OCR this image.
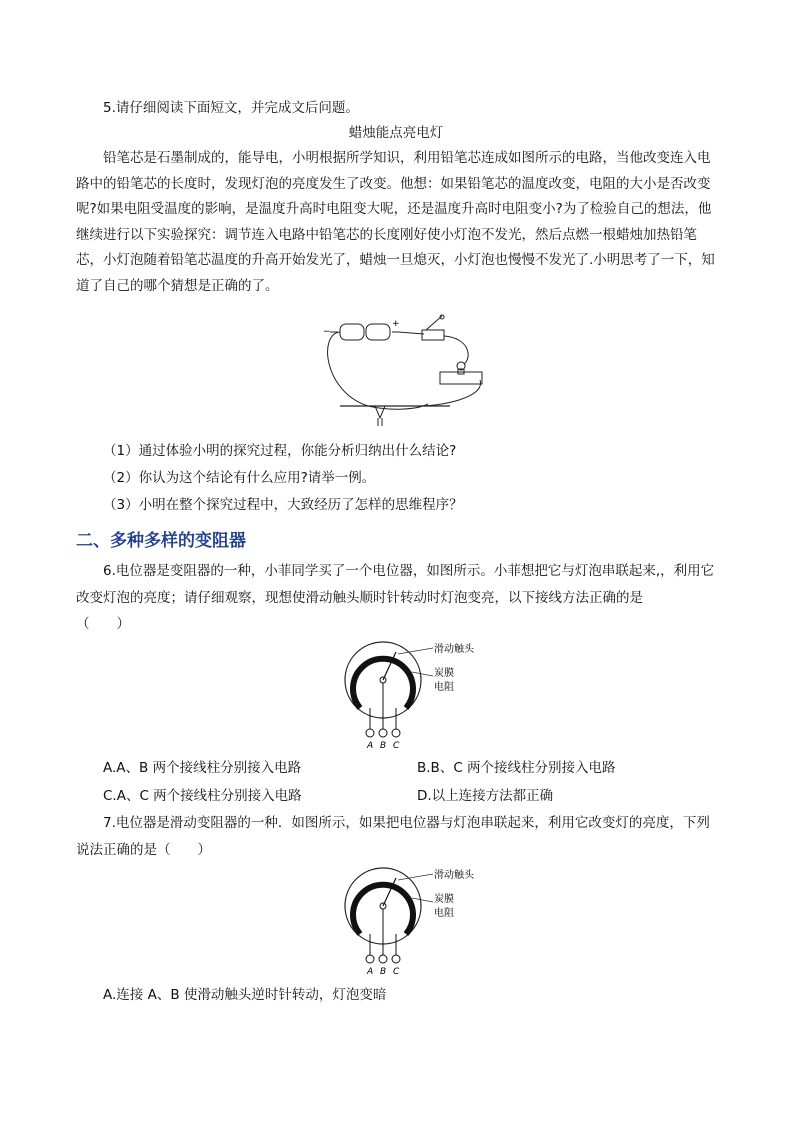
5.请仔细阅读下面短文，并完成文后问题。

蜡烛能点亮电灯

铅笔芯是石墨制成的，能导电，小明根据所学知识，利用铅笔芯连成如图所示的电路，当他改变连入电路中的铅笔芯的长度时，发现灯泡的亮度发生了改变。他想：如果铅笔芯的温度改变，电阻的大小是否改变呢?如果电阻受温度的影响，是温度升高时电阻变大呢，还是温度升高时电阻变小?为了检验自己的想法，他继续进行以下实验探究：调节连入电路中铅笔芯的长度刚好使小灯泡不发光，然后点燃一根蜡烛加热铅笔芯，小灯泡随着铅笔芯温度的升高开始发光了，蜡烛一旦熄灭，小灯泡也慢慢不发光了.小明思考了一下，知道了自己的哪个猜想是正确的了。

−
+
（1）通过体验小明的探究过程，你能分析归纳出什么结论?
（2）你认为这个结论有什么应用?请举一例。
（3）小明在整个探究过程中，大致经历了怎样的思维程序？
二、多种多样的变阻器

6.电位器是变阻器的一种，小菲同学买了一个电位器，如图所示。小菲想把它与灯泡串联起来,，利用它改变灯泡的亮度；请仔细观察，现想使滑动触头顺时针转动时灯泡变亮，以下接线方法正确的是

（　　）
滑动触头
炭膜
电阻
A B C
A.A、B 两个接线柱分别接入电路	B.B、C 两个接线柱分别接入电路
C.A、C 两个接线柱分别接入电路	D.以上连接方法都正确

7.电位器是滑动变阻器的一种．如图所示，如果把电位器与灯泡串联起来，利用它改变灯的亮度，下列说法正确的是（　　）

滑动触头
炭膜
电阻
A B C
A.连接 A、B 使滑动触头逆时针转动，灯泡变暗
